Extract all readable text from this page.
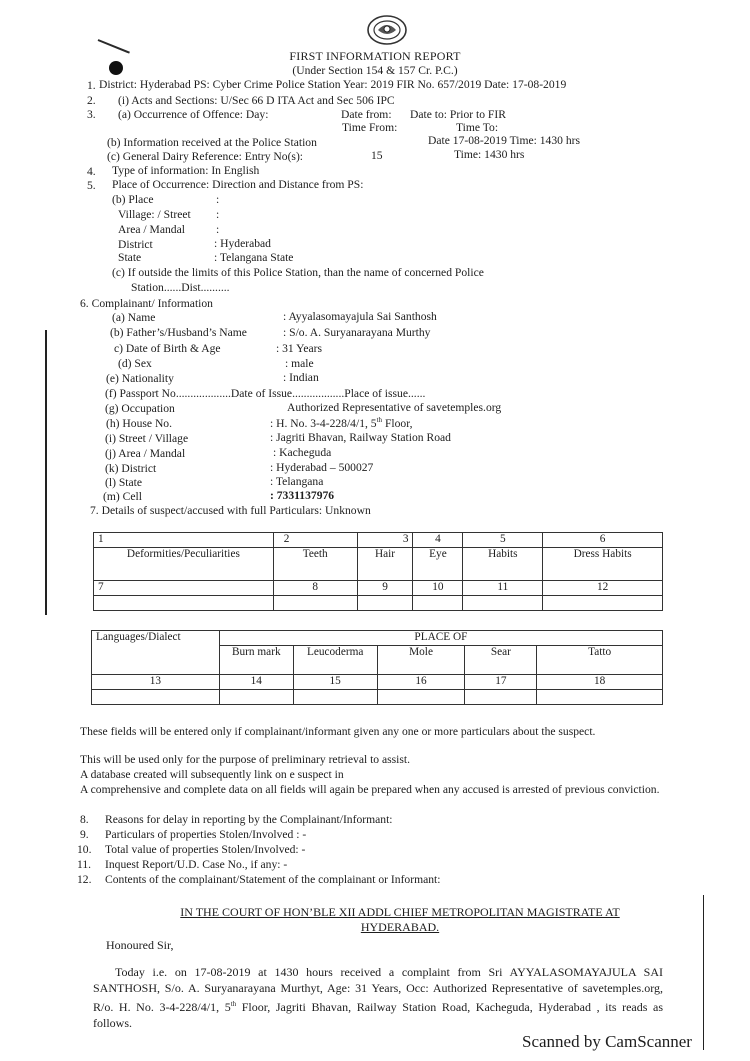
FIRST INFORMATION REPORT
(Under Section 154 & 157 Cr. P.C.)
1. District: Hyderabad PS: Cyber Crime Police Station Year: 2019 FIR No. 657/2019 Date: 17-08-2019
2. (i) Acts and Sections: U/Sec 66 D ITA Act and Sec 506 IPC
3. (a) Occurrence of Offence: Day:	Date from: Date to: Prior to FIR
Time From:	Time To:
(b) Information received at the Police Station	Date 17-08-2019 Time: 1430 hrs
(c) General Dairy Reference: Entry No(s):	15	Time: 1430 hrs
4. Type of information: In English
5. Place of Occurrence: Direction and Distance from PS:
(b) Place	:
Village: / Street :
Area / Mandal	:
District	: Hyderabad
State	: Telangana State
(c) If outside the limits of this Police Station, than the name of concerned Police
Station......Dist..........
6. Complainant/ Information
(a) Name	: Ayyalasomayajula Sai Santhosh
(b) Father’s/Husband’s Name	: S/o. A. Suryanarayana Murthy
c) Date of Birth & Age	: 31 Years
(d) Sex	: male
(e) Nationality	: Indian
(f) Passport No...................Date of Issue..................Place of issue......
(g) Occupation	Authorized Representative of savetemples.org
(h) House No.	: H. No. 3-4-228/4/1, 5th Floor,
(i) Street / Village	: Jagriti Bhavan, Railway Station Road
(j) Area / Mandal	: Kacheguda
(k) District	: Hyderabad – 500027
(l) State	: Telangana
(m) Cell	: 7331137976
7. Details of suspect/accused with full Particulars: Unknown
1	2	3	4	5	6
Deformities/Peculiarities	Teeth	Hair	Eye	Habits	Dress Habits
7	8	9	10	11	12

Languages/Dialect	PLACE OF				
	Burn mark	Leucoderma	Mole	Sear	Tatto
13	14	15	16	17	18

These fields will be entered only if complainant/informant given any one or more particulars about the suspect.
This will be used only for the purpose of preliminary retrieval to assist.
A database created will subsequently link on e suspect in
A comprehensive and complete data on all fields will again be prepared when any accused is arrested of previous conviction.
8. Reasons for delay in reporting by the Complainant/Informant:
9. Particulars of properties Stolen/Involved : -
10. Total value of properties Stolen/Involved: -
11. Inquest Report/U.D. Case No., if any: -
12. Contents of the complainant/Statement of the complainant or Informant:
IN THE COURT OF HON’BLE XII ADDL CHIEF METROPOLITAN MAGISTRATE AT
HYDERABAD.
Honoured Sir,
Today i.e. on 17-08-2019 at 1430 hours received a complaint from Sri AYYALASOMAYAJULA SAI SANTHOSH, S/o. A. Suryanarayana Murthyt, Age: 31 Years, Occ: Authorized Representative of savetemples.org, R/o. H. No. 3-4-228/4/1, 5th Floor, Jagriti Bhavan, Railway Station Road, Kacheguda, Hyderabad , its reads as follows.
Scanned by CamScanner
